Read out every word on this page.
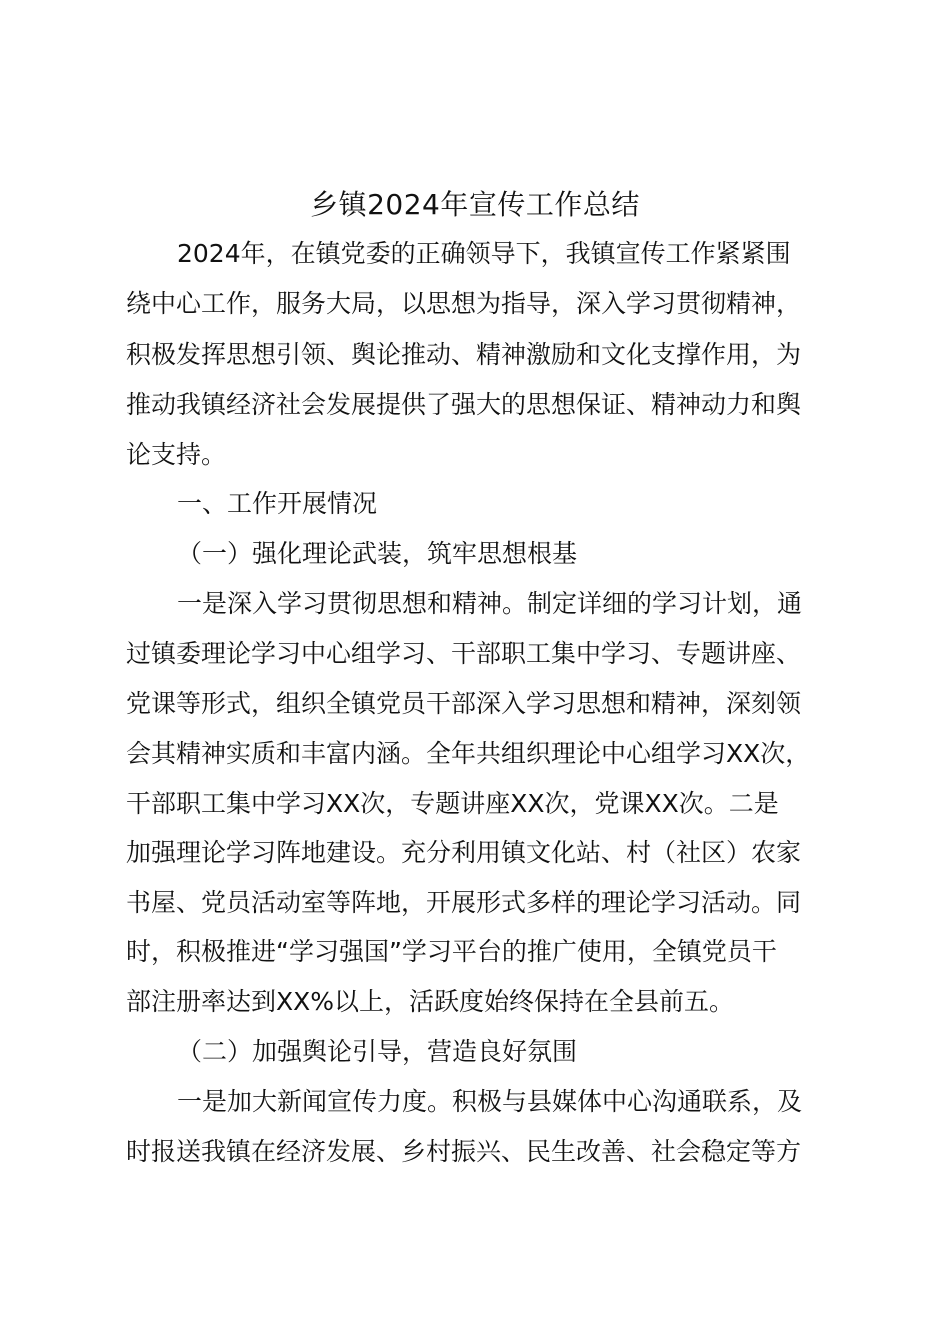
乡镇2024年宣传工作总结
2024年，在镇党委的正确领导下，我镇宣传工作紧紧围
绕中心工作，服务大局，以思想为指导，深入学习贯彻精神，
积极发挥思想引领、舆论推动、精神激励和文化支撑作用，为
推动我镇经济社会发展提供了强大的思想保证、精神动力和舆
论支持。
一、工作开展情况
（一）强化理论武装，筑牢思想根基
一是深入学习贯彻思想和精神。制定详细的学习计划，通
过镇委理论学习中心组学习、干部职工集中学习、专题讲座、
党课等形式，组织全镇党员干部深入学习思想和精神，深刻领
会其精神实质和丰富内涵。全年共组织理论中心组学习XX次，
干部职工集中学习XX次，专题讲座XX次，党课XX次。二是
加强理论学习阵地建设。充分利用镇文化站、村（社区）农家
书屋、党员活动室等阵地，开展形式多样的理论学习活动。同
时，积极推进“学习强国”学习平台的推广使用，全镇党员干
部注册率达到XX%以上，活跃度始终保持在全县前五。
（二）加强舆论引导，营造良好氛围
一是加大新闻宣传力度。积极与县媒体中心沟通联系，及
时报送我镇在经济发展、乡村振兴、民生改善、社会稳定等方
